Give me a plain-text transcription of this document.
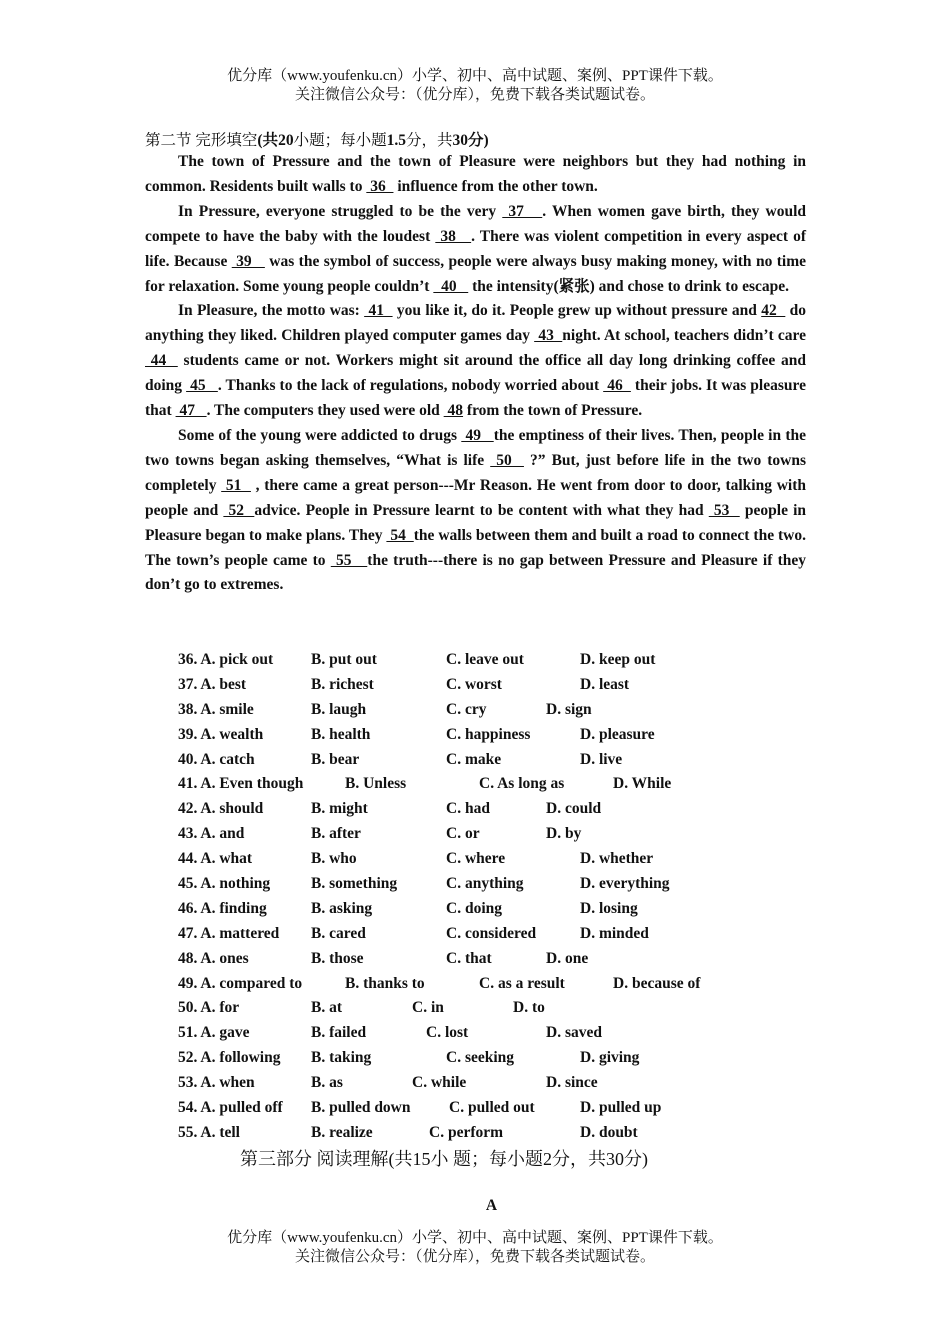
优分库（www.youfenku.cn）小学、初中、高中试题、案例、PPT课件下载。
关注微信公众号：（优分库），免费下载各类试题试卷。
第二节 完形填空(共20小题；每小题1.5分，共30分)

The town of Pressure and the town of Pleasure were neighbors but they had nothing in common. Residents built walls to  36   influence from the other town.

In Pressure, everyone struggled to be the very  37   . When women gave birth, they would compete to have the baby with the loudest  38   . There was violent competition in every aspect of life. Because  39    was the symbol of success, people were always busy making money, with no time for relaxation. Some young people couldn’t   40    the intensity(紧张) and chose to drink to escape.

In Pleasure, the motto was:  41   you like it, do it. People grew up without pressure and 42   do anything they liked. Children played computer games day  43  night. At school, teachers didn’t care  44   students came or not. Workers might sit around the office all day long drinking coffee and doing  45   . Thanks to the lack of regulations, nobody worried about  46   their jobs. It was pleasure that  47   . The computers they used were old  48 from the town of Pressure.

Some of the young were addicted to drugs  49   the emptiness of their lives. Then, people in the two towns began asking themselves, “What is life  50   ?” But, just before life in the two towns completely  51   , there came a great person---Mr Reason. He went from door to door, talking with people and  52  advice. People in Pressure learnt to be content with what they had  53   people in Pleasure began to make plans. They  54  the walls between them and built a road to connect the two. The town’s people came to  55   the truth---there is no gap between Pressure and Pleasure if they don’t go to extremes.

36. A. pick out B. put out	C. leave out	D. keep out
37. A. best	B. richest	C. worst	D. least
38. A. smile	B. laugh	C. cry	D. sign
39. A. wealth	B. health	C. happiness	D. pleasure
40. A. catch	B. bear	C. make	D. live
41. A. Even though	B. Unless	C. As long as	D. While
42. A. should	B. might	C. had	D. could
43. A. and	B. after	C. or	D. by
44. A. what	B. who	C. where	D. whether
45. A. nothing	B. something	C. anything	D. everything
46. A. finding	B. asking	C. doing	D. losing
47. A. mattered B. cared	C. considered	D. minded
48. A. ones	B. those	C. that	D. one
49. A. compared to	B. thanks to	C. as a result	D. because of
50. A. for	B. at	C. in	D. to
51. A. gave	B. failed	C. lost	D. saved
52. A. following B. taking	C. seeking	D. giving
53. A. when	B. as	C. while	D. since
54. A. pulled off B. pulled down C. pulled out	D. pulled up
55. A. tell	B. realize	C. perform	D. doubt
第三部分 阅读理解(共15小 题；每小题2分，共30分)
A
优分库（www.youfenku.cn）小学、初中、高中试题、案例、PPT课件下载。
关注微信公众号：（优分库），免费下载各类试题试卷。
